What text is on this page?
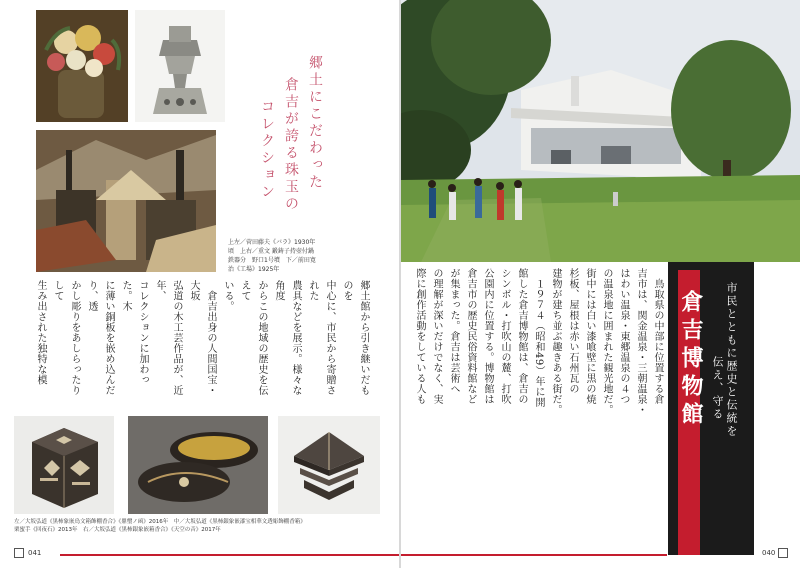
郷土にこだわった
倉吉が誇る珠玉の
コレクション
上左／菅田藤夫《バラ》1930年
頃　上右／重文 鍛鋳子持壺付鍋
鉄器分　野口1号墳　下／前田寛
治《工場》1925年
郷土館から引き継いだものを
中心に、市民から寄贈された
農具などを展示。様々な角度
からこの地域の歴史を伝えて
いる。
　倉吉出身の人間国宝・大坂
弘道の木工芸作品が、近年、
コレクションに加わった。木
に薄い銅板を嵌め込んだり、透
かし彫りをあしらったりして
生み出された独特な模
左／大坂弘道《黒柿象嵌鳥文箱飾棚香合》《鼎璽ノ函》2016年　中／大坂弘道《黒柿銀象嵌漆宝相華文透彫飾棚香箱》
栗蜜手《回夜石》2013年　右／大坂弘道《黒柿銀象嵌箱香合》《天空の音》2017年
041
　鳥取県の中部に位置する倉
吉市は、関金温泉・三朝温泉・
はわい温泉・東郷温泉の４つ
の温泉地に囲まれた観光地だ。
街中には白い漆喰壁に黒の焼
杉板、屋根は赤い石州瓦の
建物が建ち並ぶ趣きある街だ。
　１９７４（昭和49）年に開
館した倉吉博物館は、倉吉の
シンボル・打吹山の麓、打吹
公園内に位置する。博物館は
倉吉市の歴史民俗資料館など
が集まった。倉吉は芸術へ
の理解が深いだけでなく、実
際に創作活動をしている人も	倉吉博物館	市民とともに歴史と伝統を
伝え、守る
040
